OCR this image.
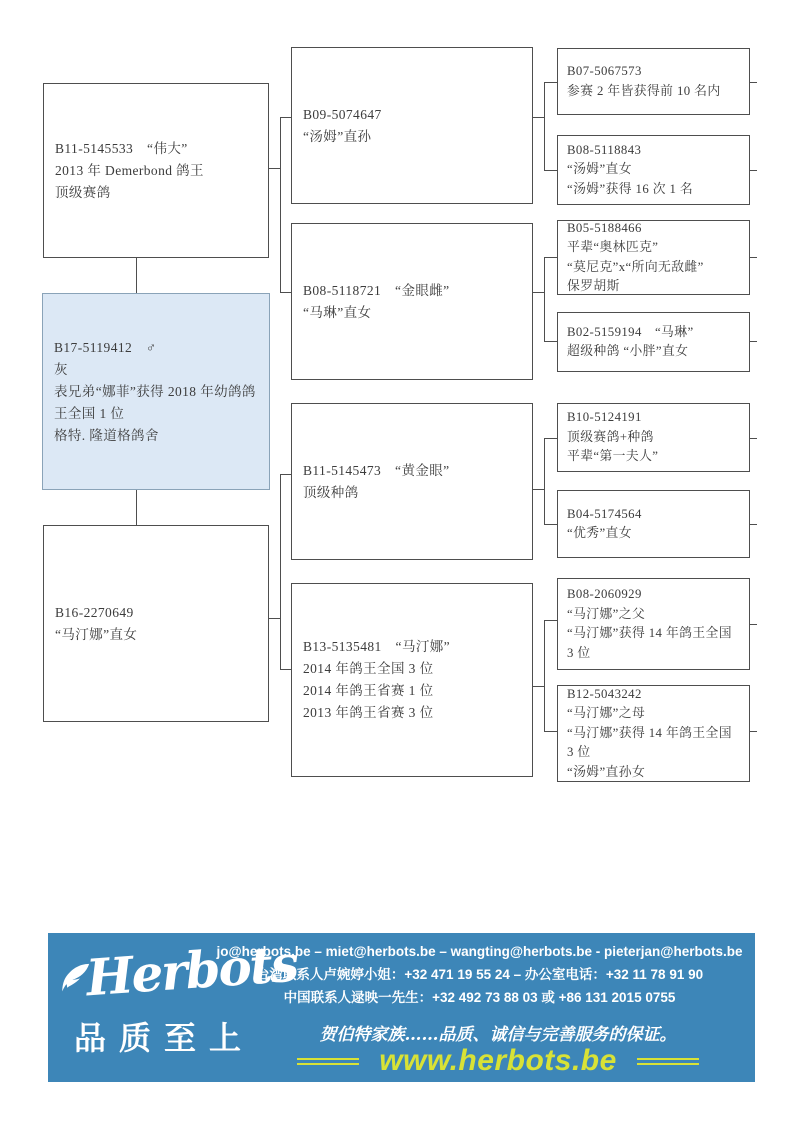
B11-5145533　“伟大”
2013 年 Demerbond 鸽王
顶级赛鸽
B17-5119412　♂
灰
表兄弟“娜菲”获得 2018 年幼鸽鸽
王全国 1 位
格特. 隆道格鸽舍
B16-2270649
“马汀娜”直女
B09-5074647
“汤姆”直孙
B08-5118721　“金眼雌”
“马琳”直女
B11-5145473　“黄金眼”
顶级种鸽
B13-5135481　“马汀娜”
2014 年鸽王全国 3 位
2014 年鸽王省赛 1 位
2013 年鸽王省赛 3 位
B07-5067573
参赛 2 年皆获得前 10 名内
B08-5118843
“汤姆”直女
“汤姆”获得 16 次 1 名
B05-5188466
平辈“奥林匹克”
“莫尼克”x“所向无敌雌”
保罗胡斯
B02-5159194　“马琳”
超级种鸽 “小胖”直女
B10-5124191
顶级赛鸽+种鸽
平辈“第一夫人”
B04-5174564
“优秀”直女
B08-2060929
“马汀娜”之父
“马汀娜”获得 14 年鸽王全国
3 位
B12-5043242
“马汀娜”之母
“马汀娜”获得 14 年鸽王全国
3 位
“汤姆”直孙女
Herbots
品质至上
jo@herbots.be – miet@herbots.be – wangting@herbots.be - pieterjan@herbots.be
台湾联系人卢婉婷小姐：+32 471 19 55 24 – 办公室电话：+32 11 78 91 90
中国联系人逯映一先生：+32 492 73 88 03 或 +86 131 2015 0755
贺伯特家族……品质、诚信与完善服务的保证。
www.herbots.be
